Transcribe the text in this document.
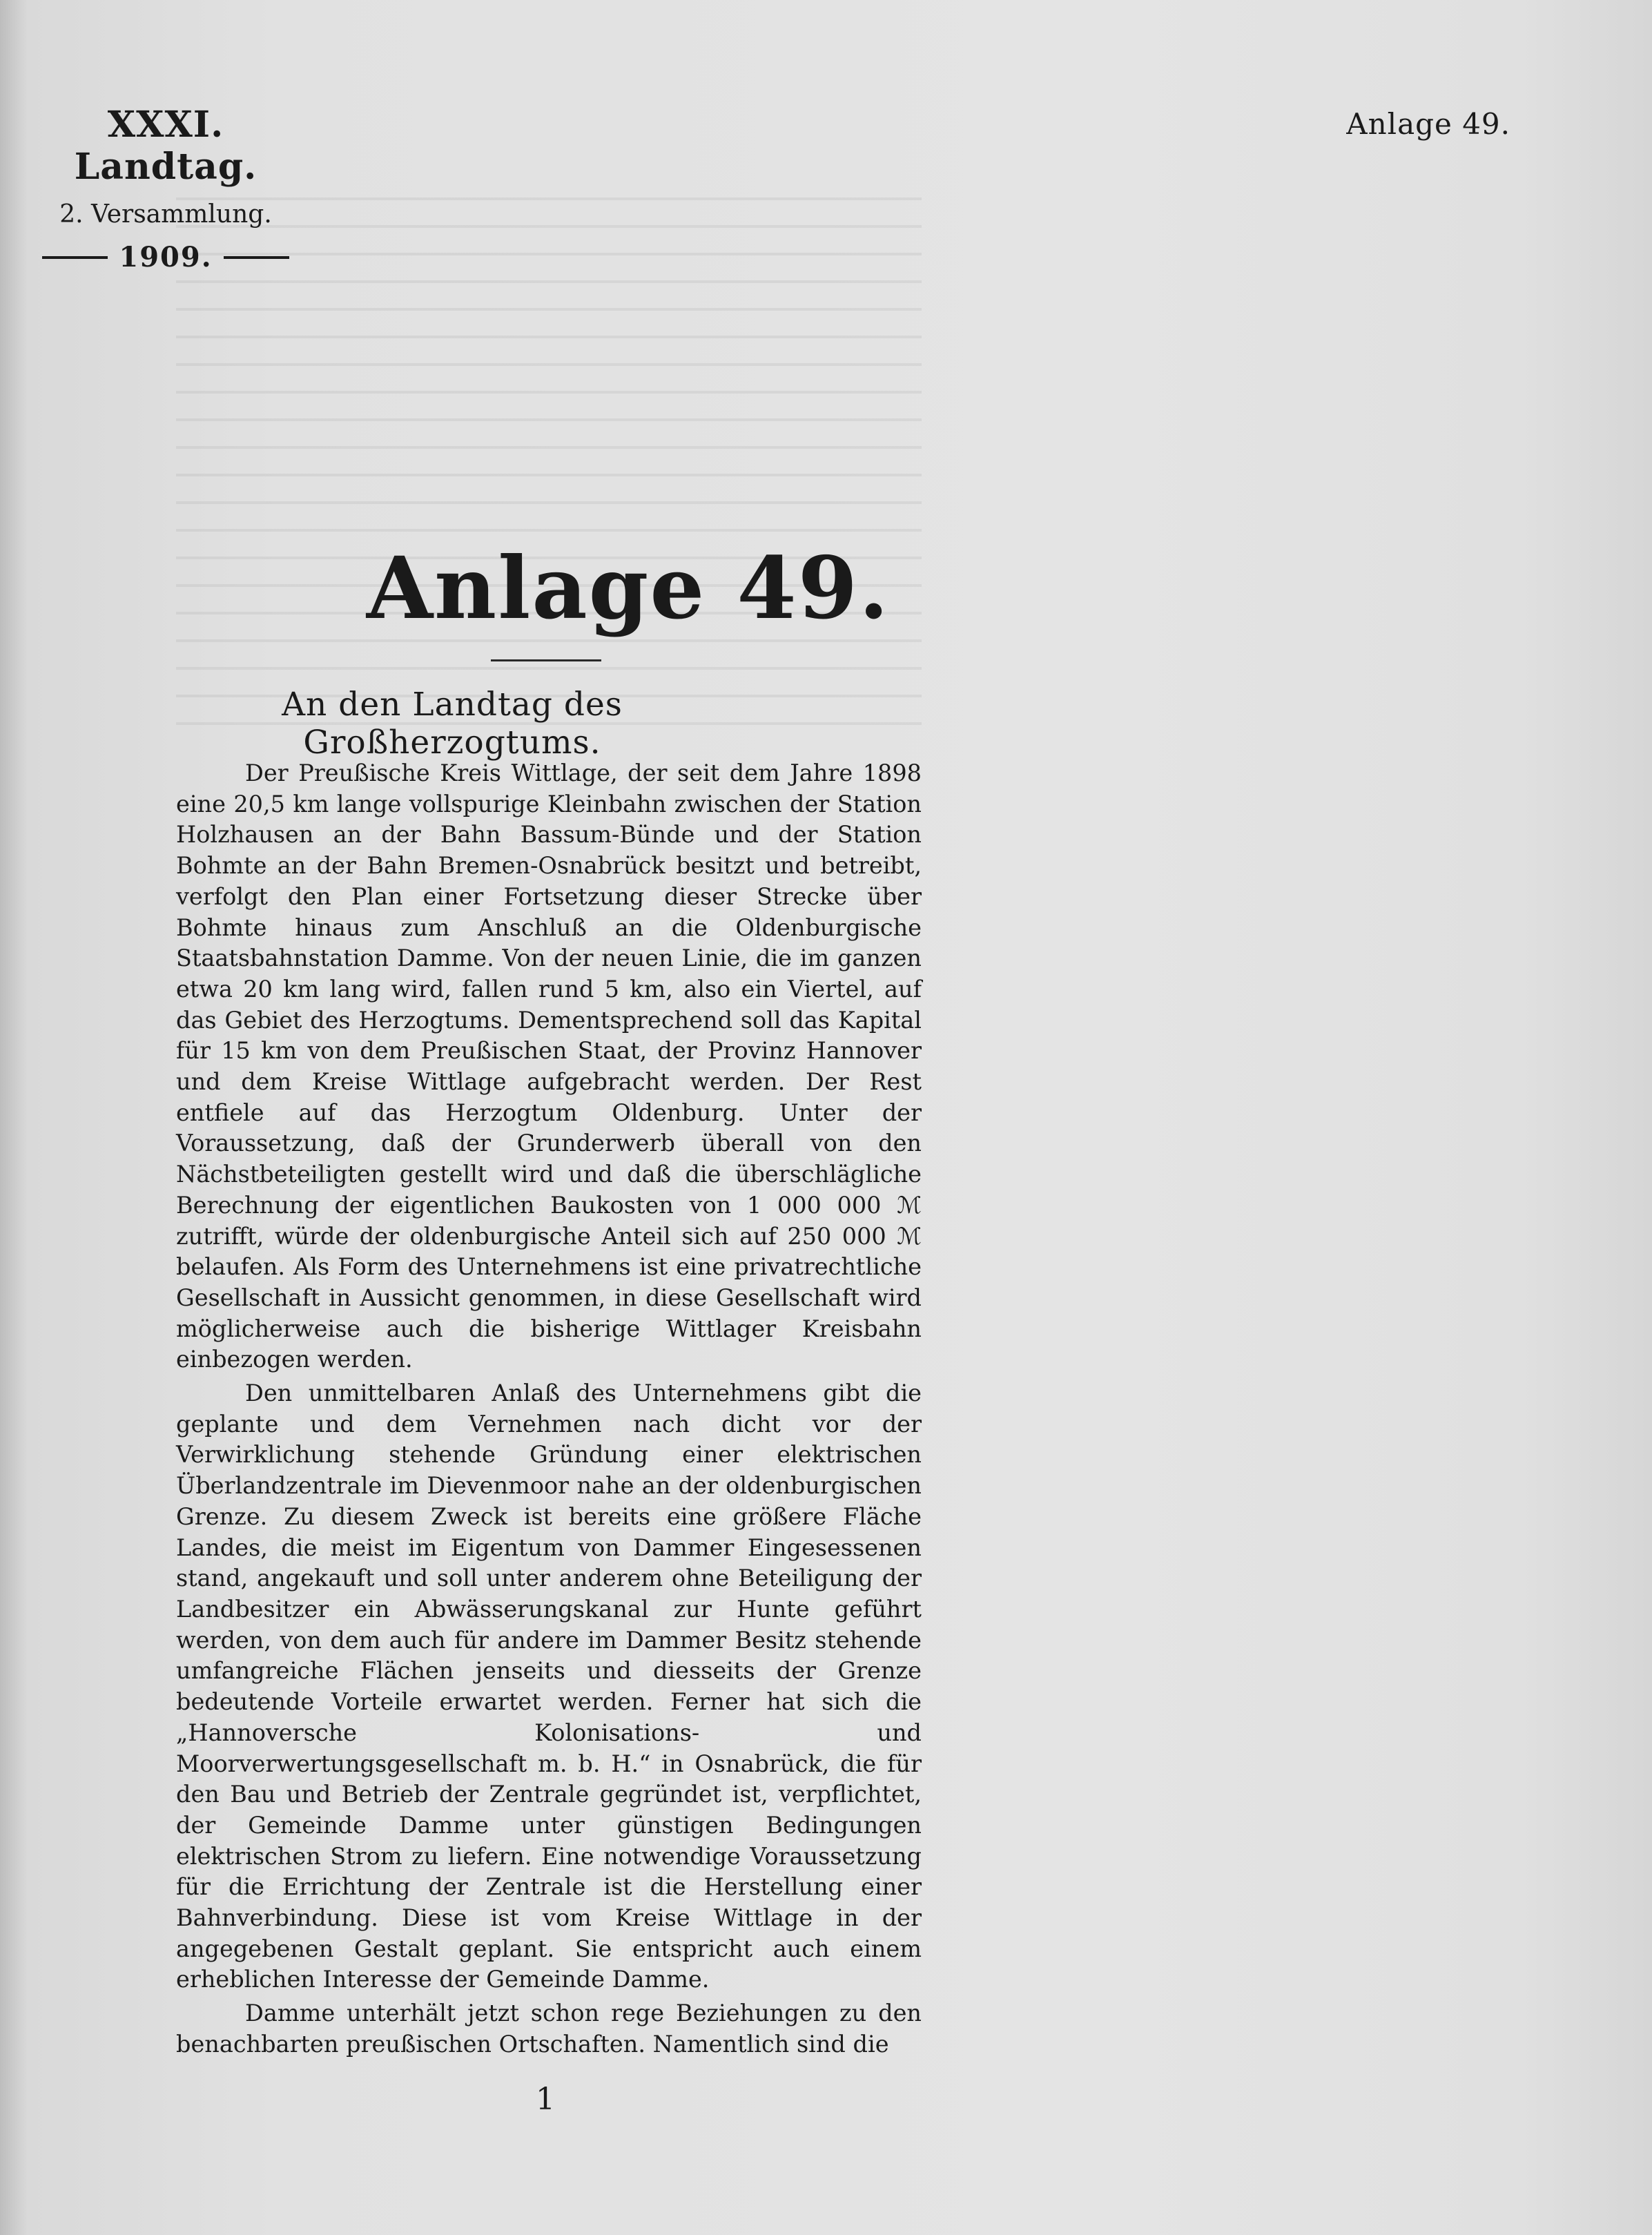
XXXI. Landtag.
2. Versammlung.
1909.
Anlage 49.
Anlage 49.
An den Landtag des Großherzogtums.

Der Preußische Kreis Wittlage, der seit dem Jahre 1898 eine 20,5 km lange vollspurige Kleinbahn zwischen der Station Holzhausen an der Bahn Bassum-Bünde und der Station Bohmte an der Bahn Bremen-Osnabrück besitzt und betreibt, verfolgt den Plan einer Fortsetzung dieser Strecke über Bohmte hinaus zum Anschluß an die Oldenburgische Staatsbahnstation Damme. Von der neuen Linie, die im ganzen etwa 20 km lang wird, fallen rund 5 km, also ein Viertel, auf das Gebiet des Herzogtums. Dementsprechend soll das Kapital für 15 km von dem Preußischen Staat, der Provinz Hannover und dem Kreise Wittlage aufgebracht werden. Der Rest entfiele auf das Herzogtum Oldenburg. Unter der Voraussetzung, daß der Grunderwerb überall von den Nächstbeteiligten gestellt wird und daß die überschlägliche Berechnung der eigentlichen Baukosten von 1 000 000 ℳ zutrifft, würde der oldenburgische Anteil sich auf 250 000 ℳ belaufen. Als Form des Unternehmens ist eine privatrechtliche Gesellschaft in Aussicht genommen, in diese Gesellschaft wird möglicherweise auch die bisherige Wittlager Kreisbahn einbezogen werden.

Den unmittelbaren Anlaß des Unternehmens gibt die geplante und dem Vernehmen nach dicht vor der Verwirklichung stehende Gründung einer elektrischen Überlandzentrale im Dievenmoor nahe an der oldenburgischen Grenze. Zu diesem Zweck ist bereits eine größere Fläche Landes, die meist im Eigentum von Dammer Eingesessenen stand, angekauft und soll unter anderem ohne Beteiligung der Landbesitzer ein Abwässerungskanal zur Hunte geführt werden, von dem auch für andere im Dammer Besitz stehende umfangreiche Flächen jenseits und diesseits der Grenze bedeutende Vorteile erwartet werden. Ferner hat sich die „Hannoversche Kolonisations- und Moorverwertungsgesellschaft m. b. H.“ in Osnabrück, die für den Bau und Betrieb der Zentrale gegründet ist, verpflichtet, der Gemeinde Damme unter günstigen Bedingungen elektrischen Strom zu liefern. Eine notwendige Voraussetzung für die Errichtung der Zentrale ist die Herstellung einer Bahnverbindung. Diese ist vom Kreise Wittlage in der angegebenen Gestalt geplant. Sie entspricht auch einem erheblichen Interesse der Gemeinde Damme.

Damme unterhält jetzt schon rege Beziehungen zu den benachbarten preußischen Ortschaften. Namentlich sind die

1
